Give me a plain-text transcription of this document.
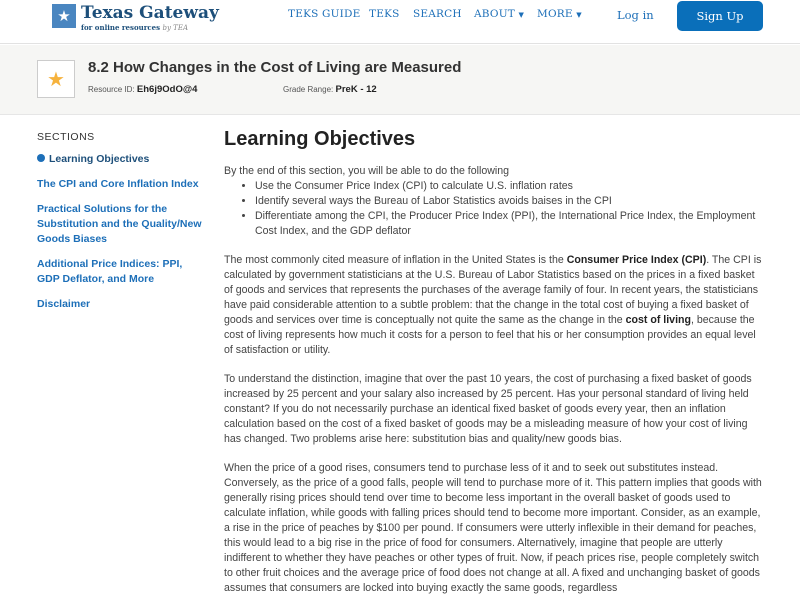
★ Texas Gateway
for online resources by TEA
TEKS GUIDE TEKS SEARCH ABOUT ▼ MORE ▼	Log in	Sign Up
★	8.2 How Changes in the Cost of Living are Measured
Resource ID: Eh6j9OdO@4	Grade Range: PreK - 12
SECTIONS
Learning Objectives
The CPI and Core Inflation Index
Practical Solutions for the Substitution and the Quality/New Goods Biases
Additional Price Indices: PPI, GDP Deflator, and More
Disclaimer
Learning Objectives
By the end of this section, you will be able to do the following
• Use the Consumer Price Index (CPI) to calculate U.S. inflation rates
• Identify several ways the Bureau of Labor Statistics avoids baises in the CPI
• Differentiate among the CPI, the Producer Price Index (PPI), the International Price Index, the Employment Cost Index, and the GDP deflator

The most commonly cited measure of inflation in the United States is the Consumer Price Index (CPI). The CPI is calculated by government statisticians at the U.S. Bureau of Labor Statistics based on the prices in a fixed basket of goods and services that represents the purchases of the average family of four. In recent years, the statisticians have paid considerable attention to a subtle problem: that the change in the total cost of buying a fixed basket of goods and services over time is conceptually not quite the same as the change in the cost of living, because the cost of living represents how much it costs for a person to feel that his or her consumption provides an equal level of satisfaction or utility.

To understand the distinction, imagine that over the past 10 years, the cost of purchasing a fixed basket of goods increased by 25 percent and your salary also increased by 25 percent. Has your personal standard of living held constant? If you do not necessarily purchase an identical fixed basket of goods every year, then an inflation calculation based on the cost of a fixed basket of goods may be a misleading measure of how your cost of living has changed. Two problems arise here: substitution bias and quality/new goods bias.

When the price of a good rises, consumers tend to purchase less of it and to seek out substitutes instead. Conversely, as the price of a good falls, people will tend to purchase more of it. This pattern implies that goods with generally rising prices should tend over time to become less important in the overall basket of goods used to calculate inflation, while goods with falling prices should tend to become more important. Consider, as an example, a rise in the price of peaches by $100 per pound. If consumers were utterly inflexible in their demand for peaches, this would lead to a big rise in the price of food for consumers. Alternatively, imagine that people are utterly indifferent to whether they have peaches or other types of fruit. Now, if peach prices rise, people completely switch to other fruit choices and the average price of food does not change at all. A fixed and unchanging basket of goods assumes that consumers are locked into buying exactly the same goods, regardless
